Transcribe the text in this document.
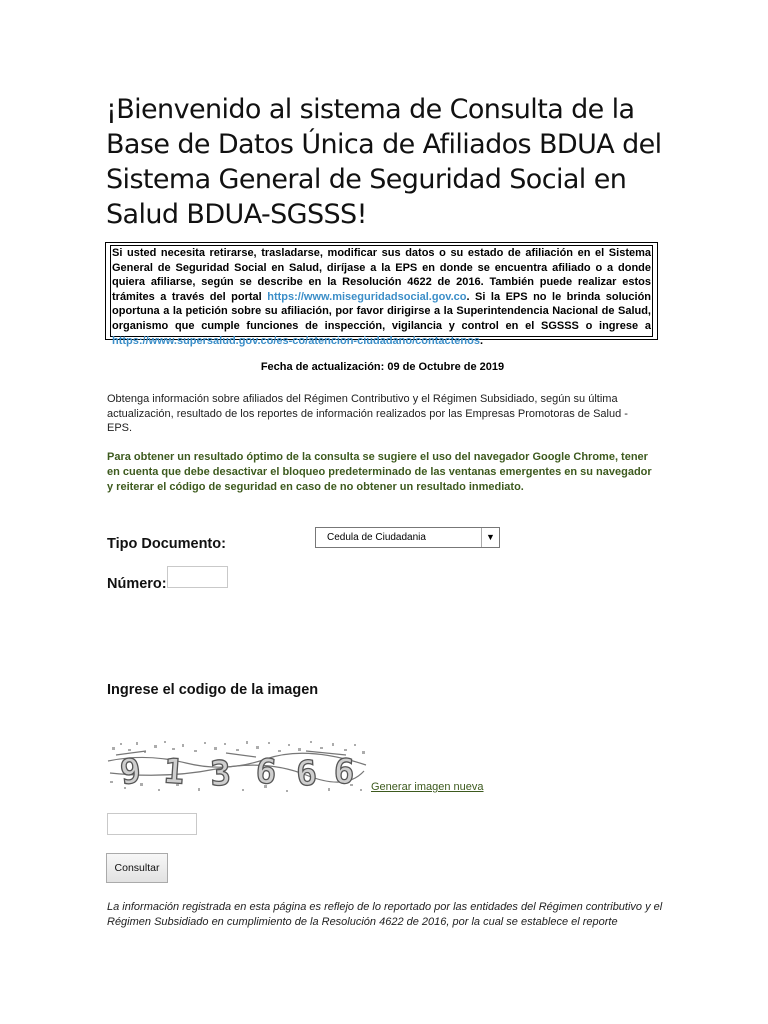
¡Bienvenido al sistema de Consulta de la Base de Datos Única de Afiliados BDUA del Sistema General de Seguridad Social en Salud BDUA-SGSSS!
Si usted necesita retirarse, trasladarse, modificar sus datos o su estado de afiliación en el Sistema General de Seguridad Social en Salud, diríjase a la EPS en donde se encuentra afiliado o a donde quiera afiliarse, según se describe en la Resolución 4622 de 2016. También puede realizar estos trámites a través del portal https://www.miseguridadsocial.gov.co. Si la EPS no le brinda solución oportuna a la petición sobre su afiliación, por favor dirigirse a la Superintendencia Nacional de Salud, organismo que cumple funciones de inspección, vigilancia y control en el SGSSS o ingrese a https://www.supersalud.gov.co/es-co/atencion-ciudadano/contactenos.
Fecha de actualización: 09 de Octubre de 2019
Obtenga información sobre afiliados del Régimen Contributivo y el Régimen Subsidiado, según su última actualización, resultado de los reportes de información realizados por las Empresas Promotoras de Salud - EPS.
Para obtener un resultado óptimo de la consulta se sugiere el uso del navegador Google Chrome, tener en cuenta que debe desactivar el bloqueo predeterminado de las ventanas emergentes en su navegador y reiterar el código de seguridad en caso de no obtener un resultado inmediato.
Tipo Documento:	Cedula de Ciudadania	▼
Número:
Ingrese el codigo de la imagen
9 1 3 6 6 6 Generar imagen nueva
Consultar
La información registrada en esta página es reflejo de lo reportado por las entidades del Régimen contributivo y el Régimen Subsidiado en cumplimiento de la Resolución 4622 de 2016, por la cual se establece el reporte
